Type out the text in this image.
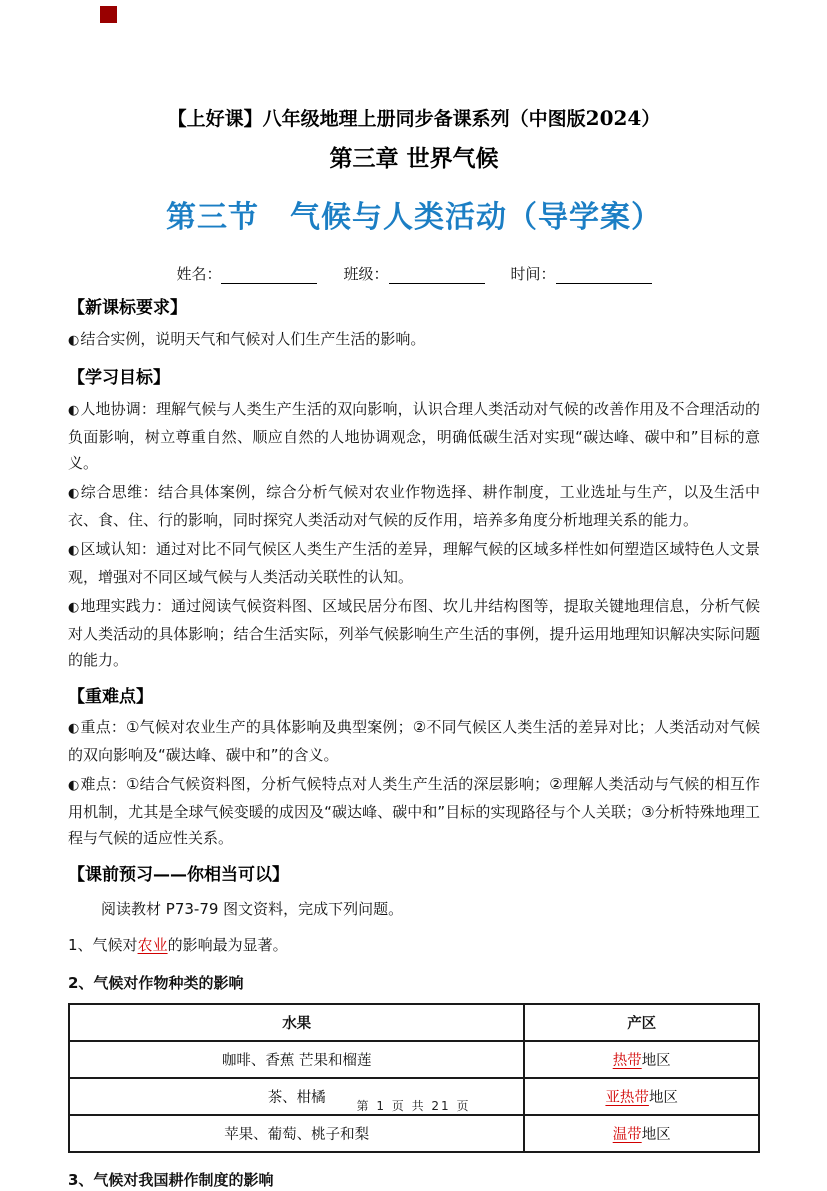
【上好课】八年级地理上册同步备课系列（中图版2024）
第三章 世界气候
第三节　气候与人类活动（导学案）
姓名：	班级：	时间：
【新课标要求】

◐结合实例，说明天气和气候对人们生产生活的影响。

【学习目标】

◐人地协调：理解气候与人类生产生活的双向影响，认识合理人类活动对气候的改善作用及不合理活动的负面影响，树立尊重自然、顺应自然的人地协调观念，明确低碳生活对实现“碳达峰、碳中和”目标的意义。

◐综合思维：结合具体案例，综合分析气候对农业作物选择、耕作制度，工业选址与生产，以及生活中衣、食、住、行的影响，同时探究人类活动对气候的反作用，培养多角度分析地理关系的能力。

◐区域认知：通过对比不同气候区人类生产生活的差异，理解气候的区域多样性如何塑造区域特色人文景观，增强对不同区域气候与人类活动关联性的认知。

◐地理实践力：通过阅读气候资料图、区域民居分布图、坎儿井结构图等，提取关键地理信息，分析气候对人类活动的具体影响；结合生活实际，列举气候影响生产生活的事例，提升运用地理知识解决实际问题的能力。

【重难点】

◐重点：①气候对农业生产的具体影响及典型案例；②不同气候区人类生活的差异对比；人类活动对气候的双向影响及“碳达峰、碳中和”的含义。

◐难点：①结合气候资料图，分析气候特点对人类生产生活的深层影响；②理解人类活动与气候的相互作用机制，尤其是全球气候变暖的成因及“碳达峰、碳中和”目标的实现路径与个人关联；③分析特殊地理工程与气候的适应性关系。

【课前预习——你相当可以】

阅读教材 P73-79 图文资料，完成下列问题。

1、气候对农业的影响最为显著。
2、气候对作物种类的影响
水果	产区
咖啡、香蕉 芒果和榴莲	热带地区
茶、柑橘	亚热带地区
苹果、葡萄、桃子和梨	温带地区
3、气候对我国耕作制度的影响
第 1 页 共 21 页
